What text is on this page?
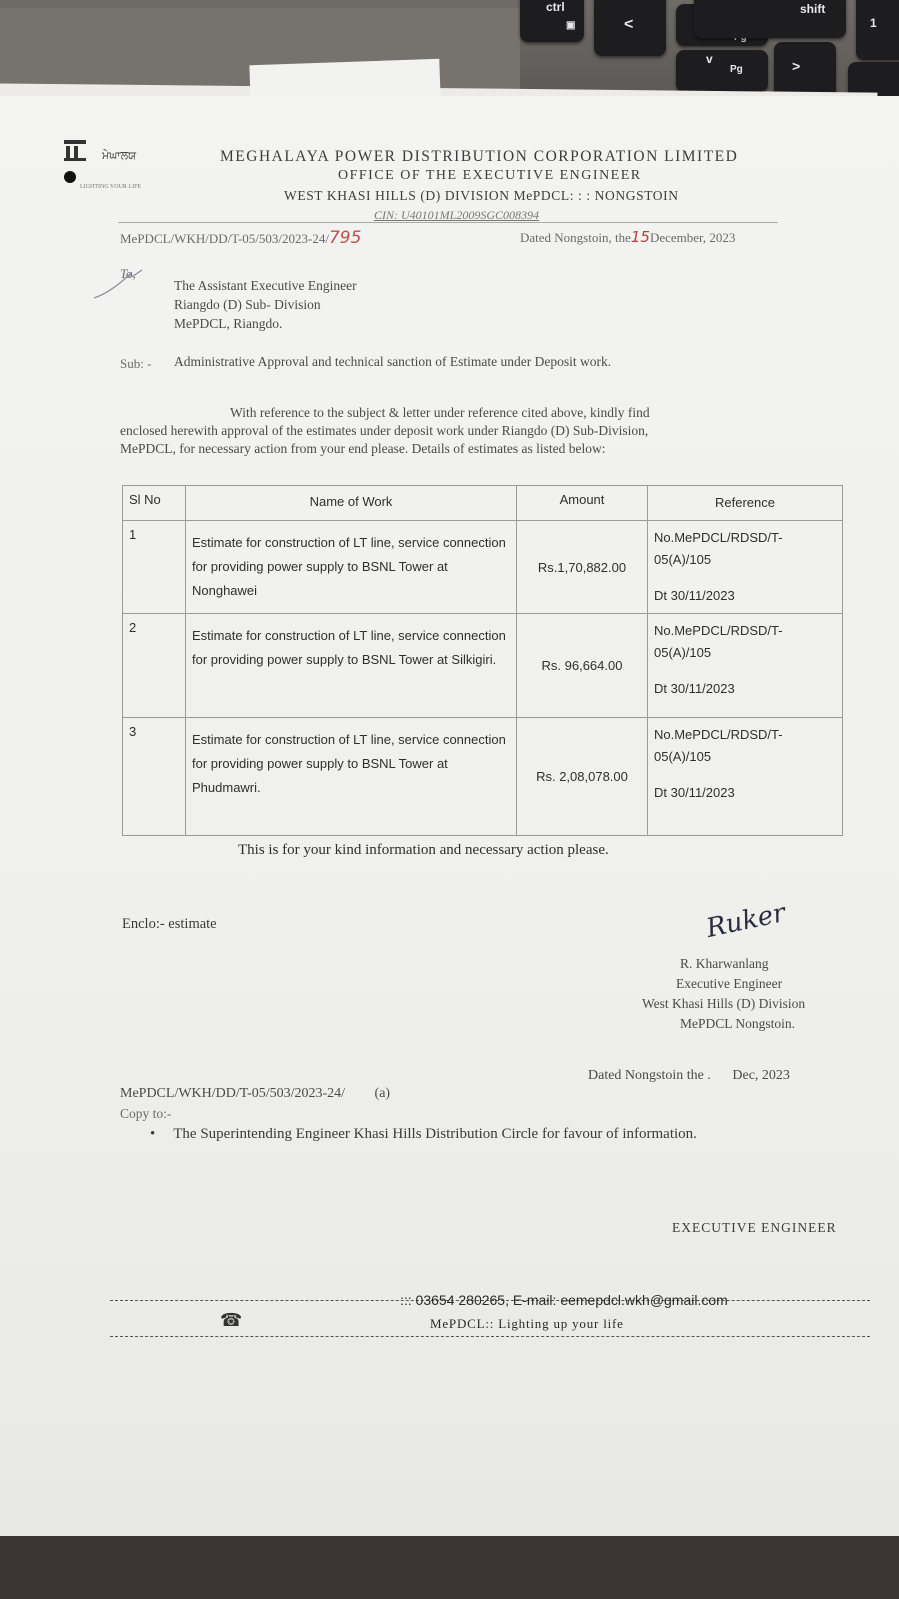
ctrl
▣	<
v
Pg	>
shift
1
ਮੇਘਾਲਯ
LIGHTING YOUR LIFE
MEGHALAYA POWER DISTRIBUTION CORPORATION LIMITED
OFFICE OF THE EXECUTIVE ENGINEER
WEST KHASI HILLS (D) DIVISION MePDCL: : : NONGSTOIN
CIN: U40101ML2009SGC008394
MePDCL/WKH/DD/T-05/503/2023-24/795	Dated Nongstoin, the15December, 2023
To,
The Assistant Executive Engineer
Riangdo (D) Sub- Division
MePDCL, Riangdo.
Sub: - Administrative Approval and technical sanction of Estimate under Deposit work.
With reference to the subject & letter under reference cited above, kindly find
enclosed herewith approval of the estimates under deposit work under Riangdo (D) Sub-Division,
MePDCL, for necessary action from your end please. Details of estimates as listed below:
Sl No	Name of Work	Amount	Reference
1	Estimate for construction of LT line, service connection for providing power supply to BSNL Tower at Nonghawei	Rs.1,70,882.00	No.MePDCL/RDSD/T-05(A)/105
Dt 30/11/2023

2	Estimate for construction of LT line, service connection for providing power supply to BSNL Tower at Silkigiri.	Rs. 96,664.00	No.MePDCL/RDSD/T-05(A)/105
Dt 30/11/2023

3	Estimate for construction of LT line, service connection for providing power supply to BSNL Tower at Phudmawri.	Rs. 2,08,078.00	No.MePDCL/RDSD/T-05(A)/105
Dt 30/11/2023
This is for your kind information and necessary action please.
Enclo:- estimate	Ruker
R. Kharwanlang
Executive Engineer
West Khasi Hills (D) Division
MePDCL Nongstoin.
MePDCL/WKH/DD/T-05/503/2023-24/ (a)
Dated Nongstoin the . Dec, 2023
Copy to:-
• The Superintending Engineer Khasi Hills Distribution Circle for favour of information.
EXECUTIVE ENGINEER
☎
::: 03654 280265, E-mail: eemepdcl.wkh@gmail.com
MePDCL:: Lighting up your life
